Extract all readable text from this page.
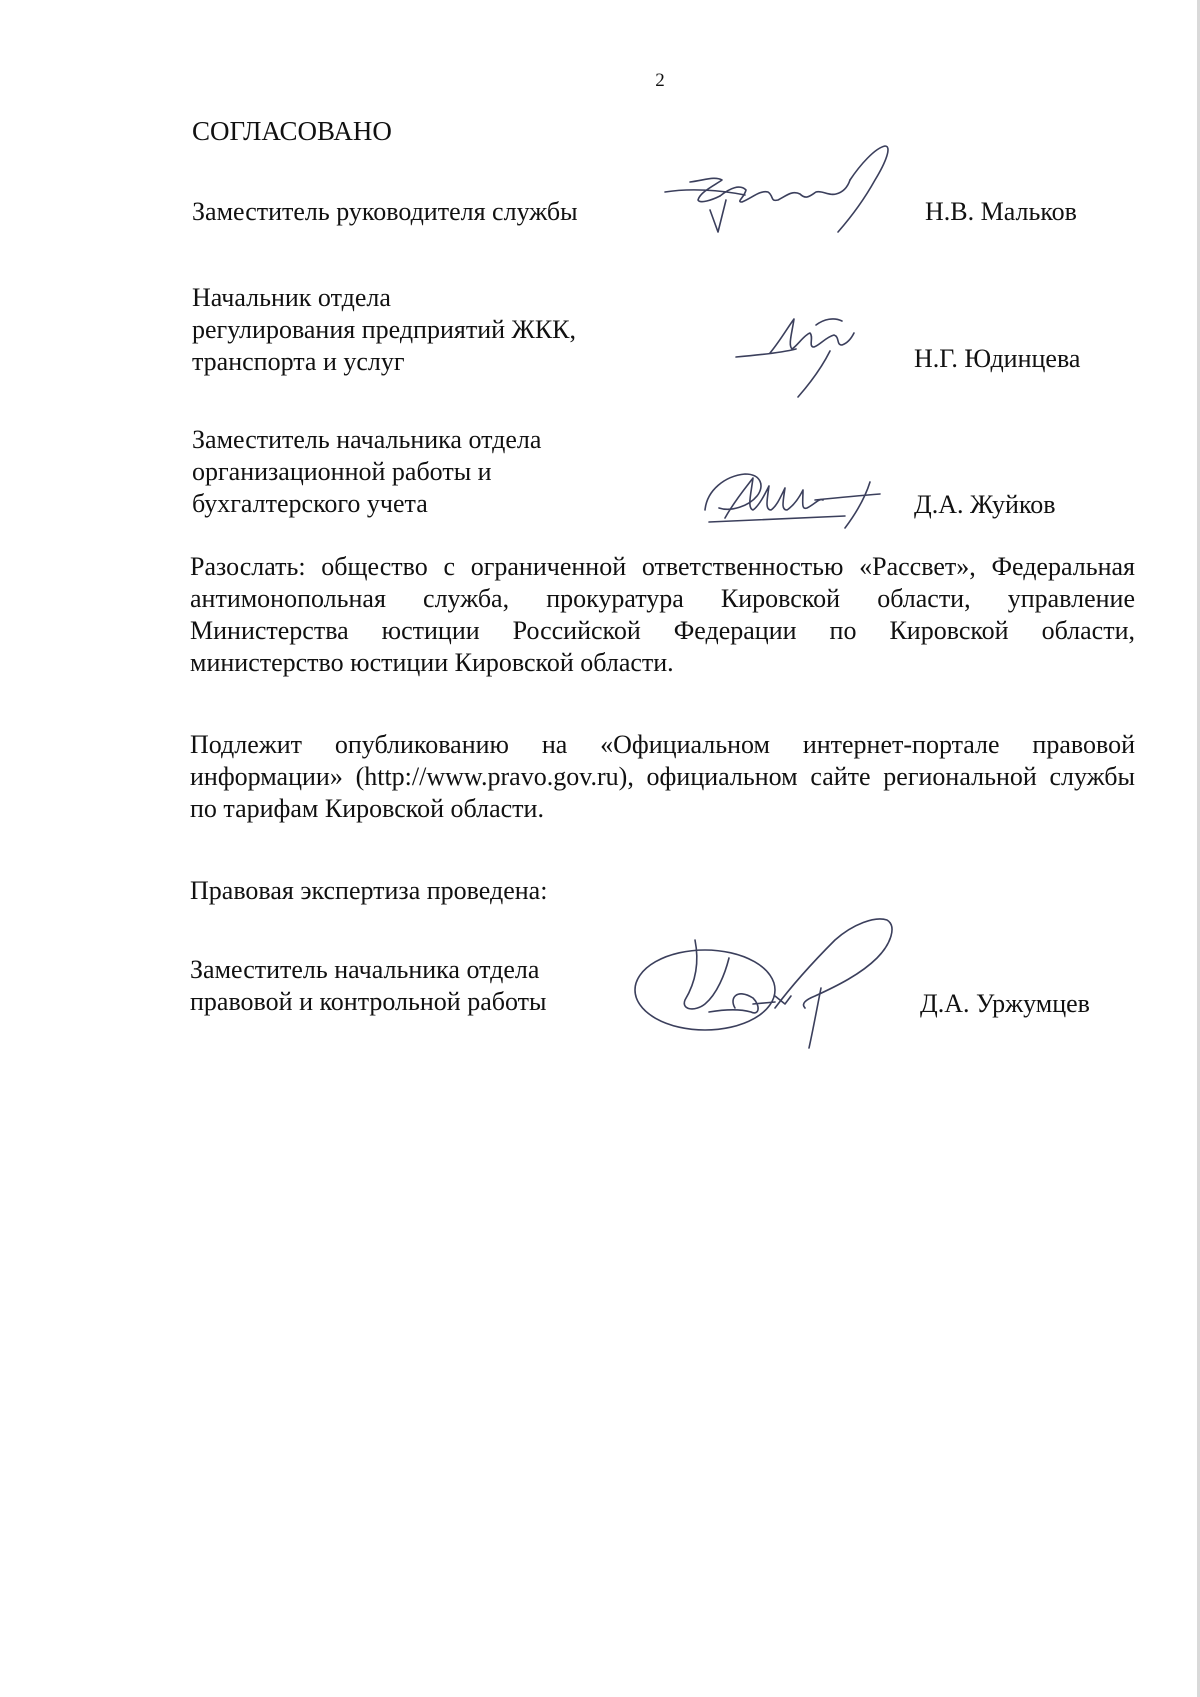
2
СОГЛАСОВАНО
Заместитель руководителя службы	Н.В. Мальков
Начальник отдела
регулирования предприятий ЖКК,
транспорта и услуг	Н.Г. Юдинцева
Заместитель начальника отдела
организационной работы и
бухгалтерского учета	Д.А. Жуйков
Разослать: общество с ограниченной ответственностью «Рассвет», Федеральная антимонопольная служба, прокуратура Кировской области, управление Министерства юстиции Российской Федерации по Кировской области, министерство юстиции Кировской области.
Подлежит опубликованию на «Официальном интернет-портале правовой информации» (http://www.pravo.gov.ru), официальном сайте региональной службы по тарифам Кировской области.
Правовая экспертиза проведена:
Заместитель начальника отдела
правовой и контрольной работы	Д.А. Уржумцев
